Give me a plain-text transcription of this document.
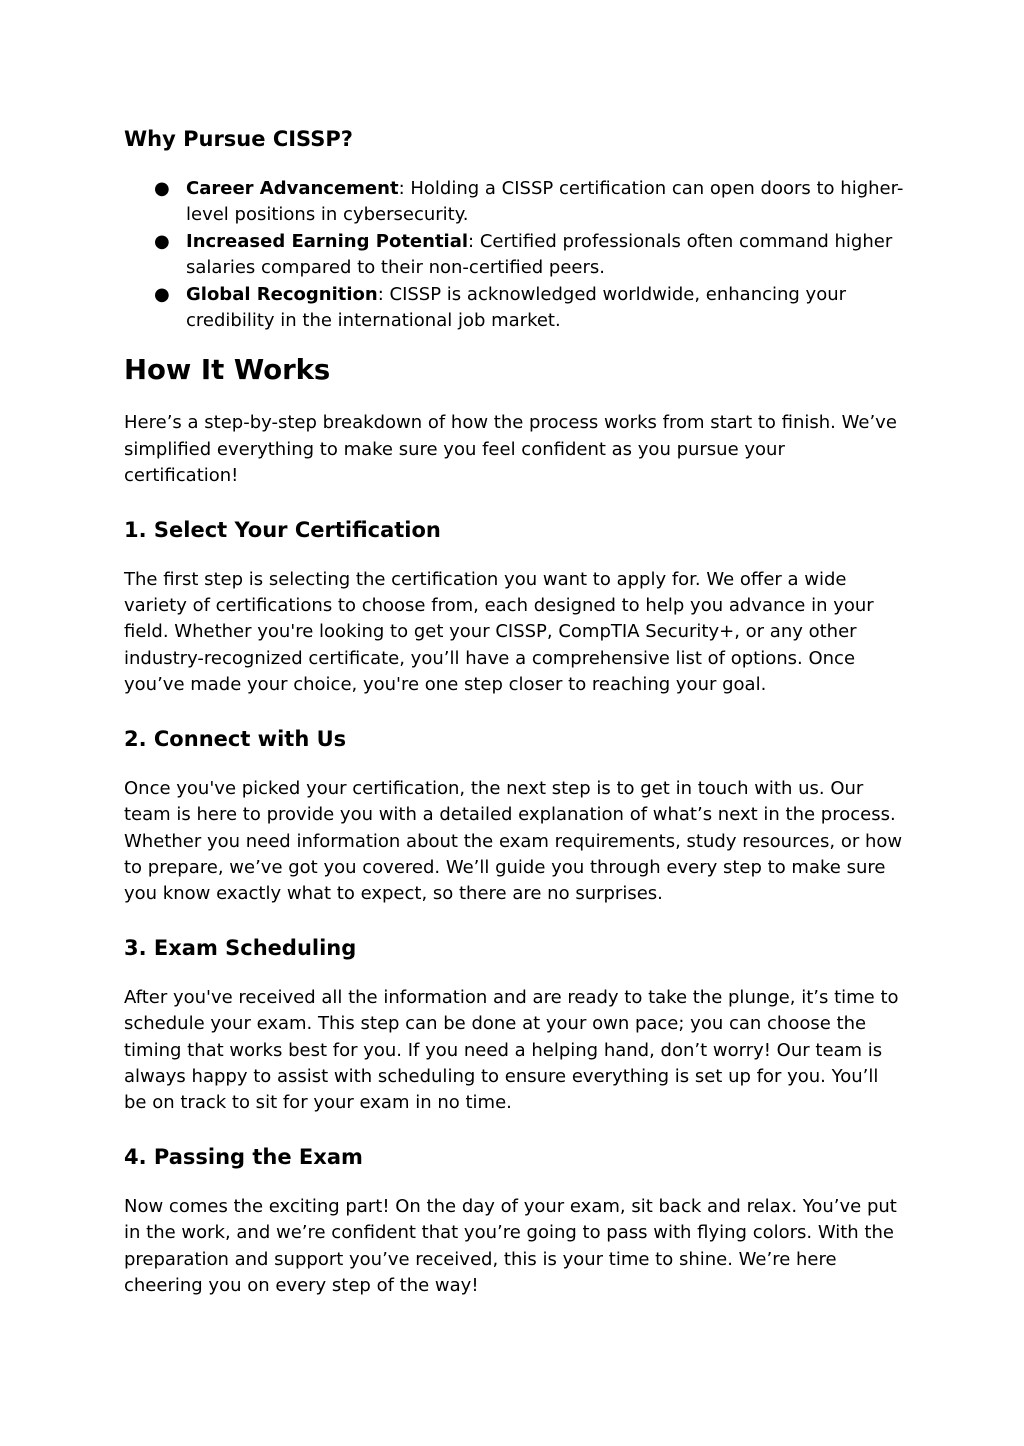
Why Pursue CISSP?
● Career Advancement: Holding a CISSP certification can open doors to higher-level positions in cybersecurity.
● Increased Earning Potential: Certified professionals often command higher salaries compared to their non-certified peers.
● Global Recognition: CISSP is acknowledged worldwide, enhancing your credibility in the international job market.
How It Works

Here’s a step-by-step breakdown of how the process works from start to finish. We’ve simplified everything to make sure you feel confident as you pursue your certification!

1. Select Your Certification

The first step is selecting the certification you want to apply for. We offer a wide variety of certifications to choose from, each designed to help you advance in your field. Whether you're looking to get your CISSP, CompTIA Security+, or any other industry-recognized certificate, you’ll have a comprehensive list of options. Once you’ve made your choice, you're one step closer to reaching your goal.

2. Connect with Us

Once you've picked your certification, the next step is to get in touch with us. Our team is here to provide you with a detailed explanation of what’s next in the process. Whether you need information about the exam requirements, study resources, or how to prepare, we’ve got you covered. We’ll guide you through every step to make sure you know exactly what to expect, so there are no surprises.

3. Exam Scheduling

After you've received all the information and are ready to take the plunge, it’s time to schedule your exam. This step can be done at your own pace; you can choose the timing that works best for you. If you need a helping hand, don’t worry! Our team is always happy to assist with scheduling to ensure everything is set up for you. You’ll be on track to sit for your exam in no time.

4. Passing the Exam

Now comes the exciting part! On the day of your exam, sit back and relax. You’ve put in the work, and we’re confident that you’re going to pass with flying colors. With the preparation and support you’ve received, this is your time to shine. We’re here cheering you on every step of the way!
